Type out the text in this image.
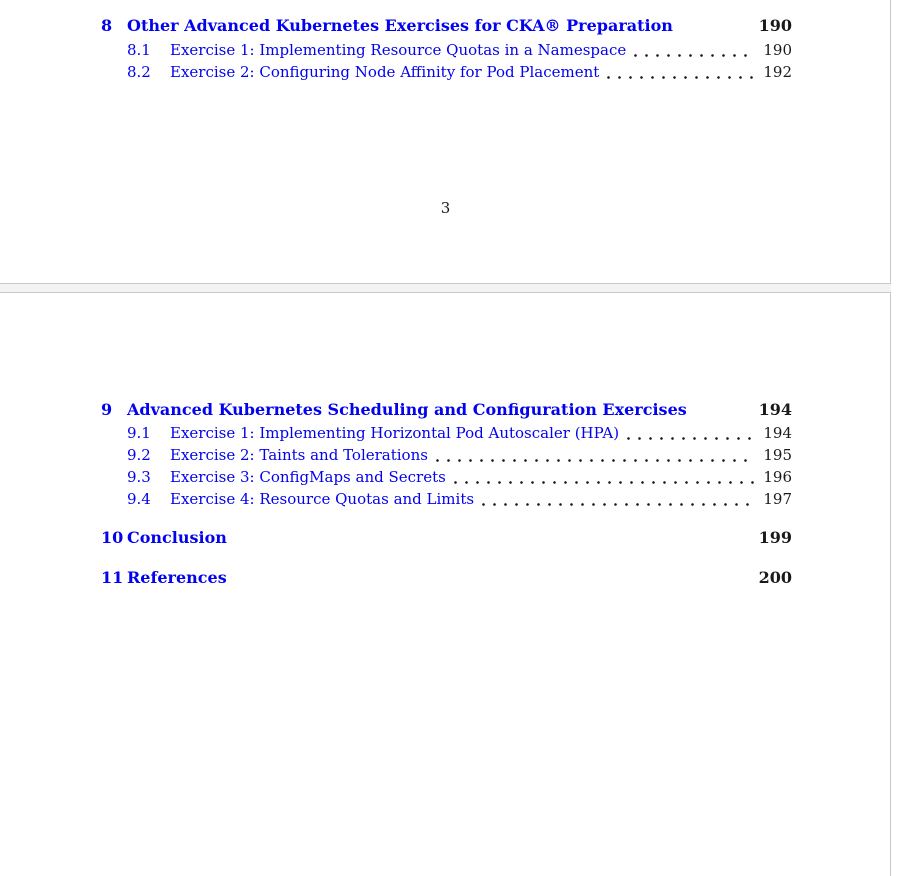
8 Other Advanced Kubernetes Exercises for CKA® Preparation	190
8.1	Exercise 1: Implementing Resource Quotas in a Namespace	190
8.2	Exercise 2: Configuring Node Affinity for Pod Placement	192
3
9 Advanced Kubernetes Scheduling and Configuration Exercises	194
9.1	Exercise 1: Implementing Horizontal Pod Autoscaler (HPA)	194
9.2	Exercise 2: Taints and Tolerations	195
9.3	Exercise 3: ConfigMaps and Secrets	196
9.4	Exercise 4: Resource Quotas and Limits	197
10 Conclusion	199
11 References	200
